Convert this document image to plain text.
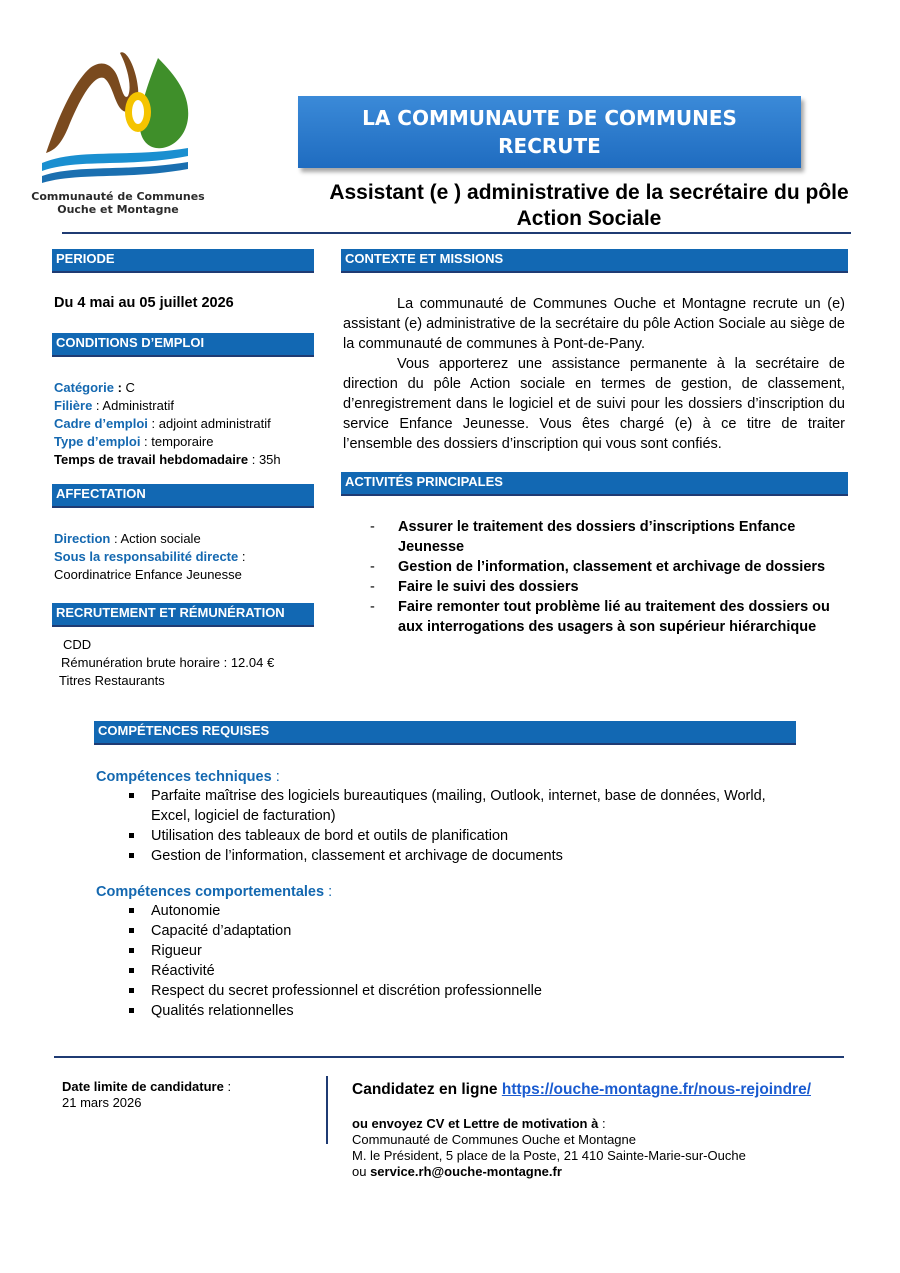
Communauté de Communes
Ouche et Montagne
LA COMMUNAUTE DE COMMUNES
RECRUTE
Assistant (e ) administrative de la secrétaire du pôle
Action Sociale
PERIODE
Du 4 mai au 05 juillet 2026
CONDITIONS D’EMPLOI
Catégorie : C
Filière : Administratif
Cadre d’emploi : adjoint administratif
Type d’emploi : temporaire
Temps de travail hebdomadaire : 35h
AFFECTATION
Direction : Action sociale
Sous la responsabilité directe :
Coordinatrice Enfance Jeunesse
RECRUTEMENT ET RÉMUNÉRATION
CDD
Rémunération brute horaire : 12.04 €
Titres Restaurants
CONTEXTE ET MISSIONS
La communauté de Communes Ouche et Montagne recrute un (e) assistant (e) administrative de la secrétaire du pôle Action Sociale au siège de la communauté de communes à Pont-de-Pany.
Vous apporterez une assistance permanente à la secrétaire de direction du pôle Action sociale en termes de gestion, de classement, d’enregistrement dans le logiciel et de suivi pour les dossiers d’inscription du service Enfance Jeunesse. Vous êtes chargé (e) à ce titre de traiter l’ensemble des dossiers d’inscription qui vous sont confiés.
ACTIVITÉS PRINCIPALES
- Assurer le traitement des dossiers d’inscriptions Enfance Jeunesse
- Gestion de l’information, classement et archivage de dossiers
- Faire le suivi des dossiers
- Faire remonter tout problème lié au traitement des dossiers ou aux interrogations des usagers à son supérieur hiérarchique
COMPÉTENCES REQUISES
Compétences techniques :
Parfaite maîtrise des logiciels bureautiques (mailing, Outlook, internet, base de données, World, Excel, logiciel de facturation)
Utilisation des tableaux de bord et outils de planification
Gestion de l’information, classement et archivage de documents
Compétences comportementales :
Autonomie
Capacité d’adaptation
Rigueur
Réactivité
Respect du secret professionnel et discrétion professionnelle
Qualités relationnelles
Date limite de candidature :
21 mars 2026
Candidatez en ligne https://ouche-montagne.fr/nous-rejoindre/
ou envoyez CV et Lettre de motivation à :
Communauté de Communes Ouche et Montagne
M. le Président, 5 place de la Poste, 21 410 Sainte-Marie-sur-Ouche
ou service.rh@ouche-montagne.fr
